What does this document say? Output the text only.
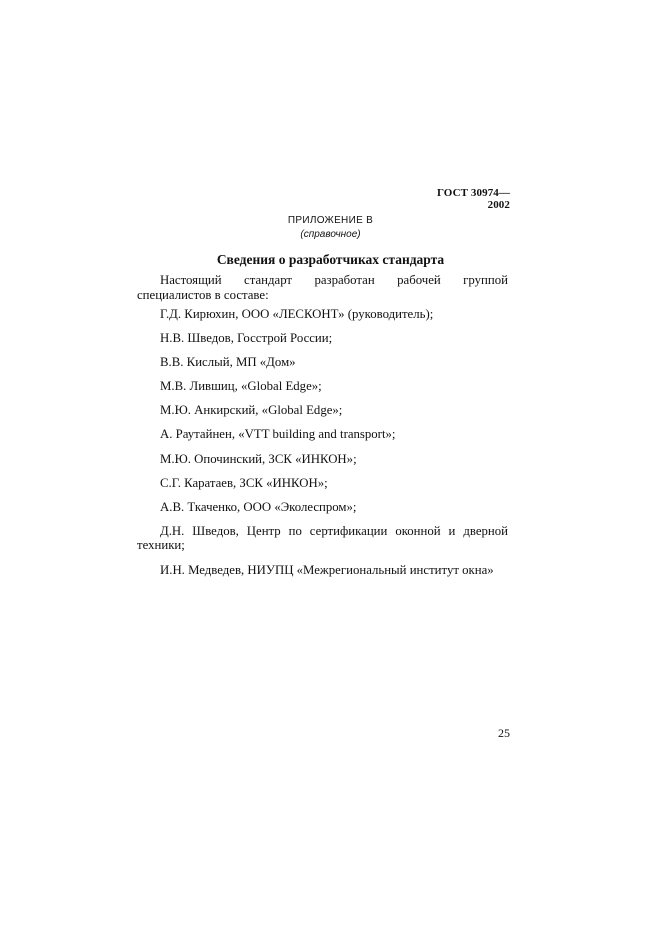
ГОСТ 30974—2002
ПРИЛОЖЕНИЕ В
(справочное)
Сведения о разработчиках стандарта

Настоящий стандарт разработан рабочей группой специалистов в составе:

Г.Д. Кирюхин, ООО «ЛЕСКОНТ» (руководитель);

Н.В. Шведов, Госстрой России;

В.В. Кислый, МП «Дом»

М.В. Лившиц, «Global Edge»;

М.Ю. Анкирский, «Global Edge»;

А. Раутайнен, «VTT building and transport»;

М.Ю. Опочинский, ЗСК «ИНКОН»;

С.Г. Каратаев, ЗСК «ИНКОН»;

А.В. Ткаченко, ООО «Эколеспром»;

Д.Н. Шведов, Центр по сертификации оконной и дверной техники;

И.Н. Медведев, НИУПЦ «Межрегиональный институт окна»

25
